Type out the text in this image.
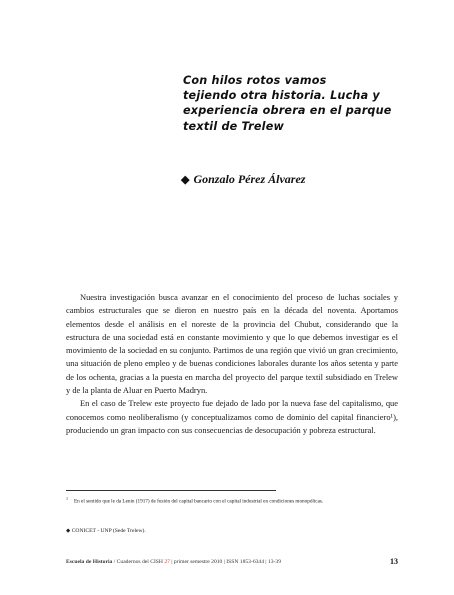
Con hilos rotos vamos
tejiendo otra historia. Lucha y
experiencia obrera en el parque
textil de Trelew
◆ Gonzalo Pérez Álvarez

Nuestra investigación busca avanzar en el conocimiento del proceso de luchas sociales y cambios estructurales que se dieron en nuestro país en la década del noventa. Aportamos elementos desde el análisis en el noreste de la provincia del Chubut, considerando que la estructura de una sociedad está en constante movimiento y que lo que debemos investigar es el movimiento de la sociedad en su conjunto. Partimos de una región que vivió un gran crecimiento, una situación de pleno empleo y de buenas condiciones laborales durante los años setenta y parte de los ochenta, gracias a la puesta en marcha del proyecto del parque textil subsidiado en Trelew y de la planta de Aluar en Puerto Madryn.

En el caso de Trelew este proyecto fue dejado de lado por la nueva fase del capitalismo, que conocemos como neoliberalismo (y conceptualizamos como de dominio del capital financiero¹), produciendo un gran impacto con sus consecuencias de desocupación y pobreza estructural.

$^1$En el sentido que le da Lenin (1917) de fusión del capital bancario con el capital industrial en condiciones monopólicas.
◆ CONICET - UNP (Sede Trelew).
Escuela de Historia / Cuadernos del CISH 27 | primer semestre 2010 | ISSN 1853-6344 | 13-39	13
